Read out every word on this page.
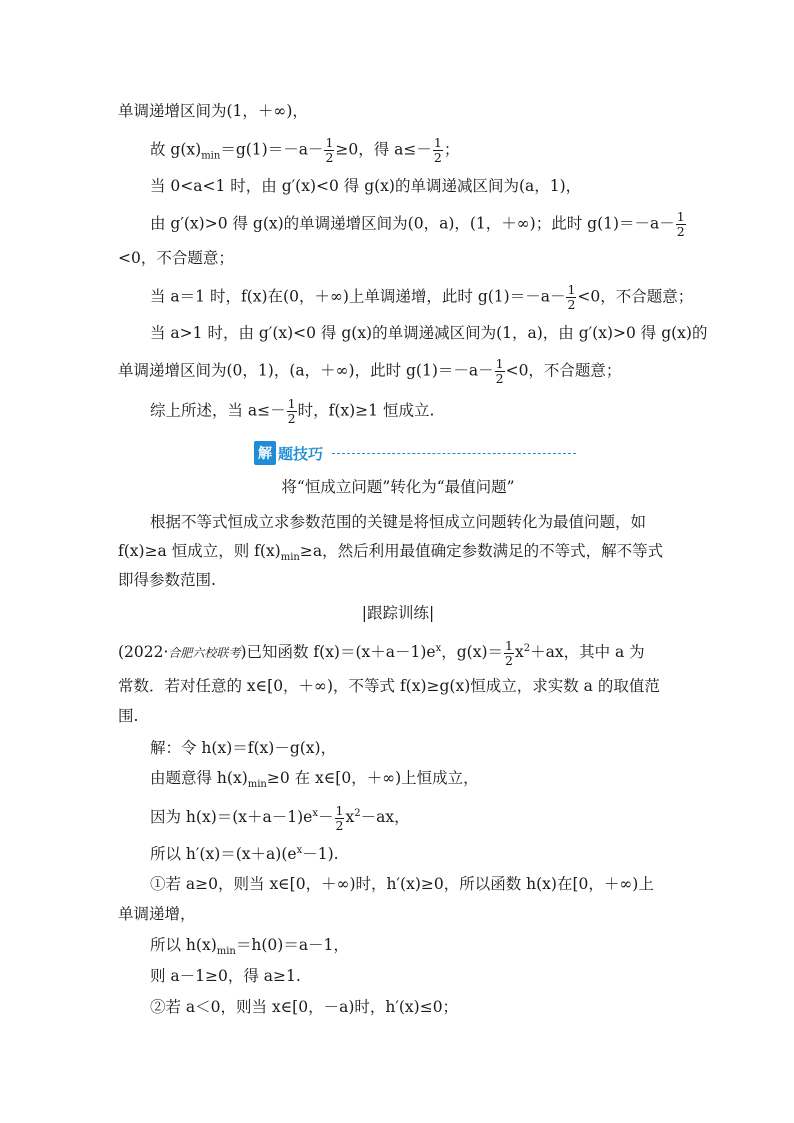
单调递增区间为(1，＋∞)，
故 $g(x)_{min}=g(1)=-a- \frac{1}{2} \ge 0$，得 $a\le- \frac{1}{2}$ ；
当 0<a<1 时，由 g′(x)<0 得 g(x)的单调递减区间为(a，1)，
由 g′(x)>0 得 g(x)的单调递增区间为(0，a)，(1，＋∞)；此时 $g(1)=-a- \frac{1}{2}$
<0，不合题意；
当 a＝1 时，f(x)在(0，＋∞)上单调递增，此时 $g(1)=-a- \frac{1}{2} <0$，不合题意；
当 a>1 时，由 g′(x)<0 得 g(x)的单调递减区间为(1，a)，由 g′(x)>0 得 g(x)的
单调递增区间为(0，1)，(a，＋∞)，此时 $g(1)=-a- \frac{1}{2} <0$，不合题意；
综上所述，当 $a\le- \frac{1}{2}$ 时，f(x)≥1 恒成立.
解 题技巧
将“恒成立问题”转化为“最值问题”
根据不等式恒成立求参数范围的关键是将恒成立问题转化为最值问题，如
f(x)≥a 恒成立，则 $f(x)_{min}\ge a$，然后利用最值确定参数满足的不等式，解不等式
即得参数范围.
|跟踪训练|
(2022·合肥六校联考)已知函数 $f(x)=(x+a-1)e^x$，$g(x)= \frac{1}{2} x^2+ax$，其中 a 为
常数．若对任意的 x∈[0，＋∞)，不等式 f(x)≥g(x)恒成立，求实数 a 的取值范
围.
解：令 h(x)＝f(x)－g(x)，
由题意得 $h(x)_{min}\ge 0$ 在 x∈[0，＋∞)上恒成立，
因为 $h(x)=(x+a-1)e^x- \frac{1}{2} x^2-ax$，
所以 $h'(x)=(x+a)(e^x-1)$.
①若 a≥0，则当 x∈[0，＋∞)时，h′(x)≥0，所以函数 h(x)在[0，＋∞)上
单调递增，
所以 $h(x)_{min}=h(0)=a-1$，
则 a－1≥0，得 a≥1.
②若 a＜0，则当 x∈[0，－a)时，h′(x)≤0；
